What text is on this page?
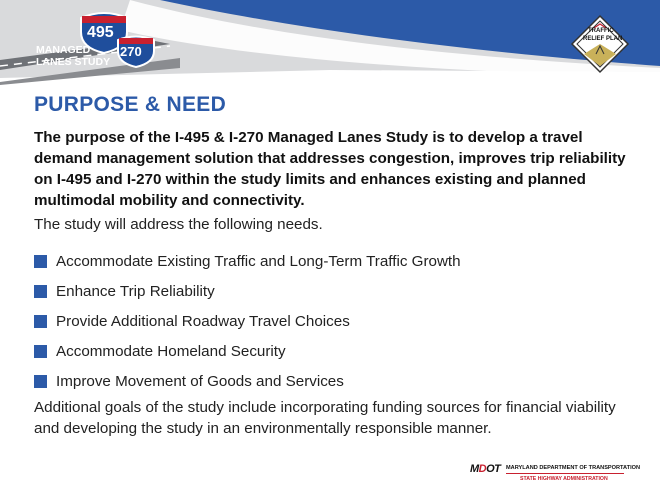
495
270
MANAGED
LANES STUDY
TRAFFIC
RELIEF PLAN
PURPOSE & NEED

The purpose of the I-495 & I-270 Managed Lanes Study is to develop a travel demand management solution that addresses congestion, improves trip reliability on I-495 and I-270 within the study limits and enhances existing and planned multimodal mobility and connectivity.

The study will address the following needs.

Accommodate Existing Traffic and Long-Term Traffic Growth
Enhance Trip Reliability
Provide Additional Roadway Travel Choices
Accommodate Homeland Security
Improve Movement of Goods and Services

Additional goals of the study include incorporating funding sources for financial viability and developing the study in an environmentally responsible manner.

MDOT MARYLAND DEPARTMENT OF TRANSPORTATION
STATE HIGHWAY ADMINISTRATION
